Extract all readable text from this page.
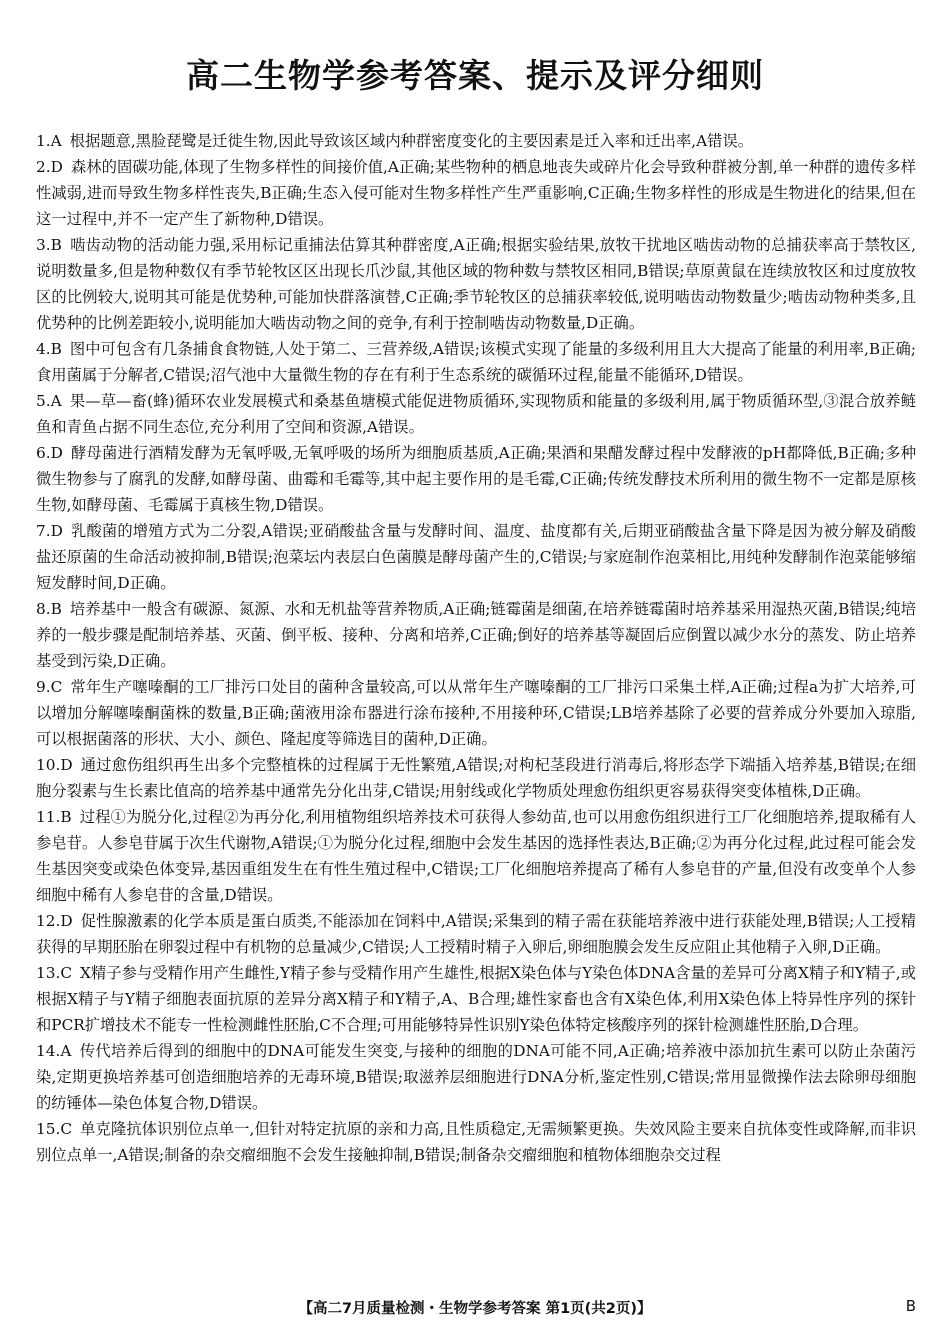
高二生物学参考答案、提示及评分细则
1.A 根据题意,黑脸琵鹭是迁徙生物,因此导致该区域内种群密度变化的主要因素是迁入率和迁出率,A错误。
2.D 森林的固碳功能,体现了生物多样性的间接价值,A正确;某些物种的栖息地丧失或碎片化会导致种群被分割,单一种群的遗传多样性减弱,进而导致生物多样性丧失,B正确;生态入侵可能对生物多样性产生严重影响,C正确;生物多样性的形成是生物进化的结果,但在这一过程中,并不一定产生了新物种,D错误。
3.B 啮齿动物的活动能力强,采用标记重捕法估算其种群密度,A正确;根据实验结果,放牧干扰地区啮齿动物的总捕获率高于禁牧区,说明数量多,但是物种数仅有季节轮牧区区出现长爪沙鼠,其他区域的物种数与禁牧区相同,B错误;草原黄鼠在连续放牧区和过度放牧区的比例较大,说明其可能是优势种,可能加快群落演替,C正确;季节轮牧区的总捕获率较低,说明啮齿动物数量少;啮齿动物种类多,且优势种的比例差距较小,说明能加大啮齿动物之间的竞争,有利于控制啮齿动物数量,D正确。
4.B 图中可包含有几条捕食食物链,人处于第二、三营养级,A错误;该模式实现了能量的多级利用且大大提高了能量的利用率,B正确;食用菌属于分解者,C错误;沼气池中大量微生物的存在有利于生态系统的碳循环过程,能量不能循环,D错误。
5.A 果—草—畜(蜂)循环农业发展模式和桑基鱼塘模式能促进物质循环,实现物质和能量的多级利用,属于物质循环型,③混合放养鲢鱼和青鱼占据不同生态位,充分利用了空间和资源,A错误。
6.D 酵母菌进行酒精发酵为无氧呼吸,无氧呼吸的场所为细胞质基质,A正确;果酒和果醋发酵过程中发酵液的pH都降低,B正确;多种微生物参与了腐乳的发酵,如酵母菌、曲霉和毛霉等,其中起主要作用的是毛霉,C正确;传统发酵技术所利用的微生物不一定都是原核生物,如酵母菌、毛霉属于真核生物,D错误。
7.D 乳酸菌的增殖方式为二分裂,A错误;亚硝酸盐含量与发酵时间、温度、盐度都有关,后期亚硝酸盐含量下降是因为被分解及硝酸盐还原菌的生命活动被抑制,B错误;泡菜坛内表层白色菌膜是酵母菌产生的,C错误;与家庭制作泡菜相比,用纯种发酵制作泡菜能够缩短发酵时间,D正确。
8.B 培养基中一般含有碳源、氮源、水和无机盐等营养物质,A正确;链霉菌是细菌,在培养链霉菌时培养基采用湿热灭菌,B错误;纯培养的一般步骤是配制培养基、灭菌、倒平板、接种、分离和培养,C正确;倒好的培养基等凝固后应倒置以减少水分的蒸发、防止培养基受到污染,D正确。
9.C 常年生产噻嗪酮的工厂排污口处目的菌种含量较高,可以从常年生产噻嗪酮的工厂排污口采集土样,A正确;过程a为扩大培养,可以增加分解噻嗪酮菌株的数量,B正确;菌液用涂布器进行涂布接种,不用接种环,C错误;LB培养基除了必要的营养成分外要加入琼脂,可以根据菌落的形状、大小、颜色、隆起度等筛选目的菌种,D正确。
10.D 通过愈伤组织再生出多个完整植株的过程属于无性繁殖,A错误;对枸杞茎段进行消毒后,将形态学下端插入培养基,B错误;在细胞分裂素与生长素比值高的培养基中通常先分化出芽,C错误;用射线或化学物质处理愈伤组织更容易获得突变体植株,D正确。
11.B 过程①为脱分化,过程②为再分化,利用植物组织培养技术可获得人参幼苗,也可以用愈伤组织进行工厂化细胞培养,提取稀有人参皂苷。人参皂苷属于次生代谢物,A错误;①为脱分化过程,细胞中会发生基因的选择性表达,B正确;②为再分化过程,此过程可能会发生基因突变或染色体变异,基因重组发生在有性生殖过程中,C错误;工厂化细胞培养提高了稀有人参皂苷的产量,但没有改变单个人参细胞中稀有人参皂苷的含量,D错误。
12.D 促性腺激素的化学本质是蛋白质类,不能添加在饲料中,A错误;采集到的精子需在获能培养液中进行获能处理,B错误;人工授精获得的早期胚胎在卵裂过程中有机物的总量减少,C错误;人工授精时精子入卵后,卵细胞膜会发生反应阻止其他精子入卵,D正确。
13.C X精子参与受精作用产生雌性,Y精子参与受精作用产生雄性,根据X染色体与Y染色体DNA含量的差异可分离X精子和Y精子,或根据X精子与Y精子细胞表面抗原的差异分离X精子和Y精子,A、B合理;雄性家畜也含有X染色体,利用X染色体上特异性序列的探针和PCR扩增技术不能专一性检测雌性胚胎,C不合理;可用能够特异性识别Y染色体特定核酸序列的探针检测雄性胚胎,D合理。
14.A 传代培养后得到的细胞中的DNA可能发生突变,与接种的细胞的DNA可能不同,A正确;培养液中添加抗生素可以防止杂菌污染,定期更换培养基可创造细胞培养的无毒环境,B错误;取滋养层细胞进行DNA分析,鉴定性别,C错误;常用显微操作法去除卵母细胞的纺锤体—染色体复合物,D错误。
15.C 单克隆抗体识别位点单一,但针对特定抗原的亲和力高,且性质稳定,无需频繁更换。失效风险主要来自抗体变性或降解,而非识别位点单一,A错误;制备的杂交瘤细胞不会发生接触抑制,B错误;制备杂交瘤细胞和植物体细胞杂交过程
【高二7月质量检测・生物学参考答案 第1页(共2页)】	B
